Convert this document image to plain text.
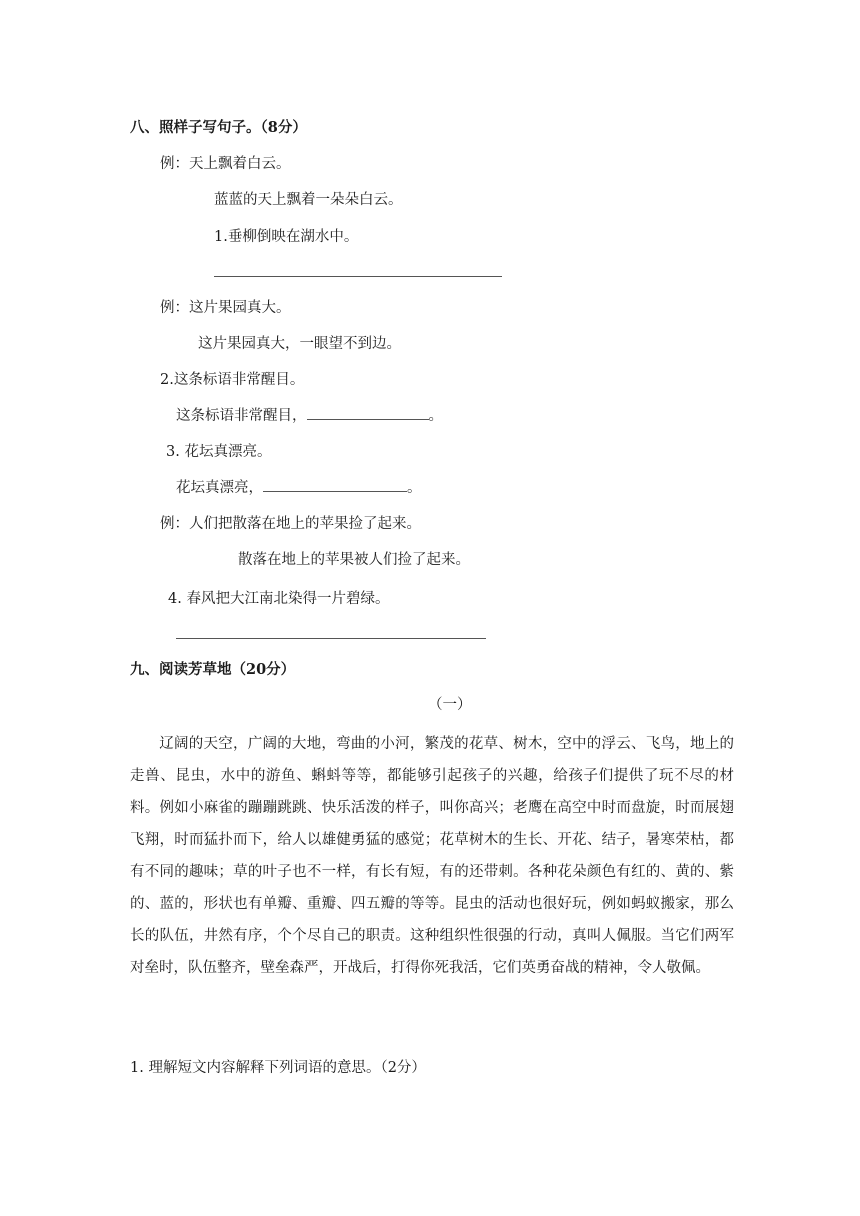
八、照样子写句子。（8分）
例：天上飘着白云。
蓝蓝的天上飘着一朵朵白云。
1.垂柳倒映在湖水中。
例：这片果园真大。
这片果园真大，一眼望不到边。
2.这条标语非常醒目。
这条标语非常醒目，	。
3. 花坛真漂亮。
花坛真漂亮，	。
例：人们把散落在地上的苹果捡了起来。
散落在地上的苹果被人们捡了起来。
4. 春风把大江南北染得一片碧绿。
九、阅读芳草地（20分）
（一）

辽阔的天空，广阔的大地，弯曲的小河，繁茂的花草、树木，空中的浮云、飞鸟，地上的走兽、昆虫，水中的游鱼、蝌蚪等等，都能够引起孩子的兴趣，给孩子们提供了玩不尽的材料。例如小麻雀的蹦蹦跳跳、快乐活泼的样子，叫你高兴；老鹰在高空中时而盘旋，时而展翅飞翔，时而猛扑而下，给人以雄健勇猛的感觉；花草树木的生长、开花、结子，暑寒荣枯，都有不同的趣味；草的叶子也不一样，有长有短，有的还带刺。各种花朵颜色有红的、黄的、紫的、蓝的，形状也有单瓣、重瓣、四五瓣的等等。昆虫的活动也很好玩，例如蚂蚁搬家，那么长的队伍，井然有序，个个尽自己的职责。这种组织性很强的行动，真叫人佩服。当它们两军对垒时，队伍整齐，壁垒森严，开战后，打得你死我活，它们英勇奋战的精神，令人敬佩。

1. 理解短文内容解释下列词语的意思。（2分）
